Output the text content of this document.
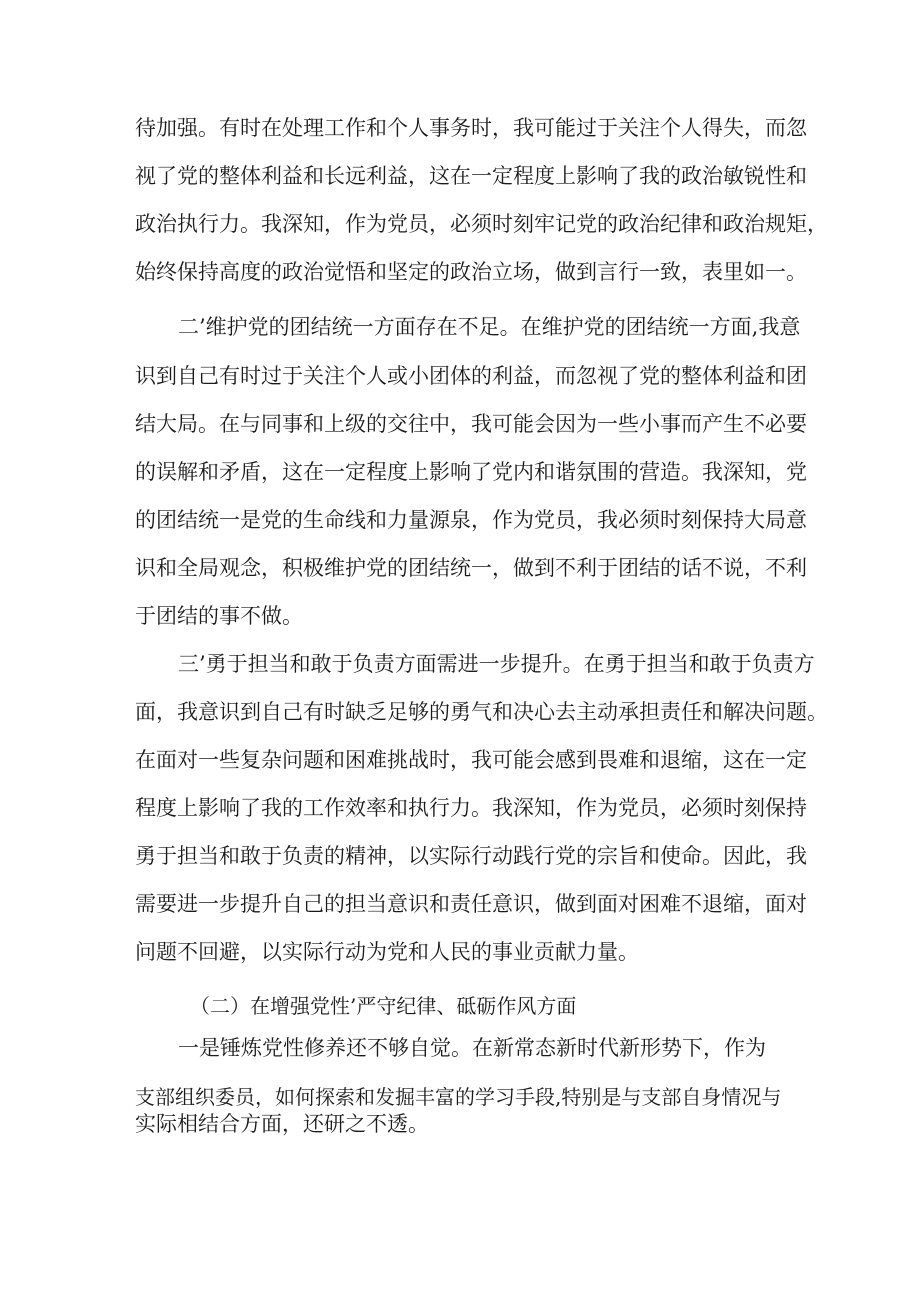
待加强。有时在处理工作和个人事务时，我可能过于关注个人得失，而忽
视了党的整体利益和长远利益，这在一定程度上影响了我的政治敏锐性和
政治执行力。我深知，作为党员，必须时刻牢记党的政治纪律和政治规矩，
始终保持高度的政治觉悟和坚定的政治立场，做到言行一致，表里如一。
二’维护党的团结统一方面存在不足。在维护党的团结统一方面,我意
识到自己有时过于关注个人或小团体的利益，而忽视了党的整体利益和团
结大局。在与同事和上级的交往中，我可能会因为一些小事而产生不必要
的误解和矛盾，这在一定程度上影响了党内和谐氛围的营造。我深知，党
的团结统一是党的生命线和力量源泉，作为党员，我必须时刻保持大局意
识和全局观念，积极维护党的团结统一，做到不利于团结的话不说，不利
于团结的事不做。
三’勇于担当和敢于负责方面需进一步提升。在勇于担当和敢于负责方
面，我意识到自己有时缺乏足够的勇气和决心去主动承担责任和解决问题。
在面对一些复杂问题和困难挑战时，我可能会感到畏难和退缩，这在一定
程度上影响了我的工作效率和执行力。我深知，作为党员，必须时刻保持
勇于担当和敢于负责的精神，以实际行动践行党的宗旨和使命。因此，我
需要进一步提升自己的担当意识和责任意识，做到面对困难不退缩，面对
问题不回避，以实际行动为党和人民的事业贡献力量。
（二）在增强党性’严守纪律、砥砺作风方面
一是锤炼党性修养还不够自觉。在新常态新时代新形势下，作为
支部组织委员，如何探索和发掘丰富的学习手段,特别是与支部自身情况与
实际相结合方面，还研之不透。
